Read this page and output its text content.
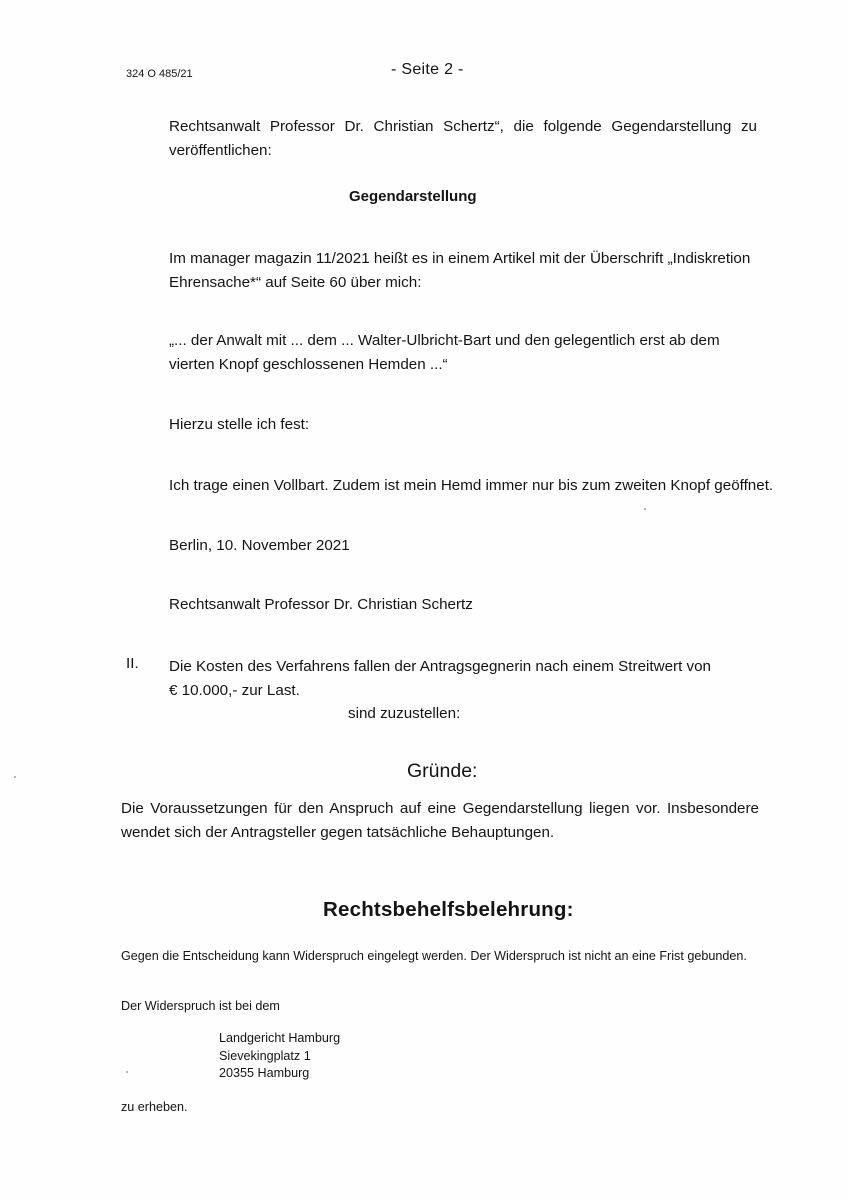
324 O 485/21	- Seite 2 -
Rechtsanwalt Professor Dr. Christian Schertz“, die folgende Gegendarstellung zu veröffentlichen:
Gegendarstellung
Im manager magazin 11/2021 heißt es in einem Artikel mit der Überschrift „Indiskretion
Ehrensache*“ auf Seite 60 über mich:
„... der Anwalt mit ... dem ... Walter-Ulbricht-Bart und den gelegentlich erst ab dem
vierten Knopf geschlossenen Hemden ...“
Hierzu stelle ich fest:
Ich trage einen Vollbart. Zudem ist mein Hemd immer nur bis zum zweiten Knopf geöffnet.
Berlin, 10. November 2021
Rechtsanwalt Professor Dr. Christian Schertz
II. Die Kosten des Verfahrens fallen der Antragsgegnerin nach einem Streitwert von € 10.000,- zur Last.
sind zuzustellen:
Gründe:
Die Voraussetzungen für den Anspruch auf eine Gegendarstellung liegen vor. Insbesondere wendet sich der Antragsteller gegen tatsächliche Behauptungen.
Rechtsbehelfsbelehrung:
Gegen die Entscheidung kann Widerspruch eingelegt werden. Der Widerspruch ist nicht an eine Frist gebunden.
Der Widerspruch ist bei dem
Landgericht Hamburg
Sievekingplatz 1
20355 Hamburg
zu erheben.
